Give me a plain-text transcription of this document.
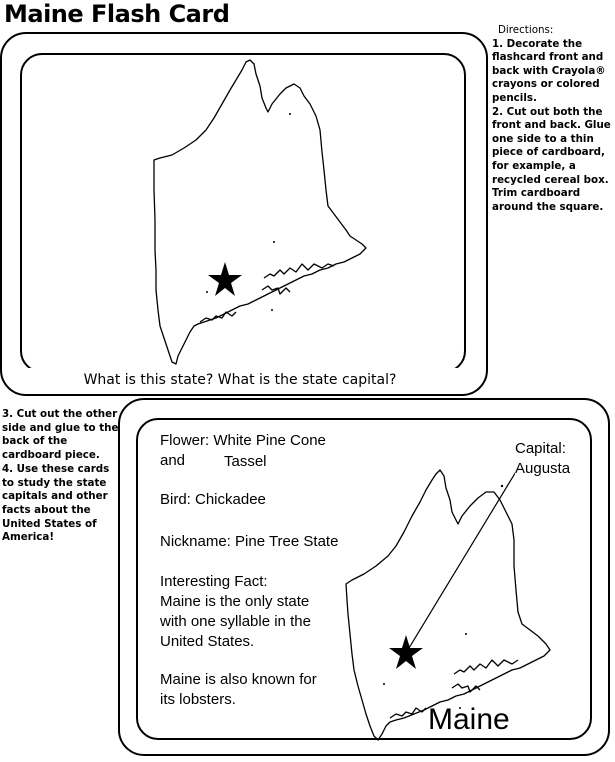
Maine Flash Card
Directions:
1. Decorate the flashcard front and back with Crayola® crayons or colored pencils.
2. Cut out both the front and back. Glue one side to a thin piece of cardboard, for example, a recycled cereal box. Trim cardboard around the square.
3. Cut out the other side and glue to the back of the cardboard piece.
4. Use these cards to study the state capitals and other facts about the United States of America!
What is this state? What is the state capital?
Flower: White Pine Cone and	Tassel
Bird: Chickadee
Nickname: Pine Tree State
Interesting Fact:
Maine is the only state with one syllable in the United States.
Maine is also known for its lobsters.
Capital:
Augusta
Maine
